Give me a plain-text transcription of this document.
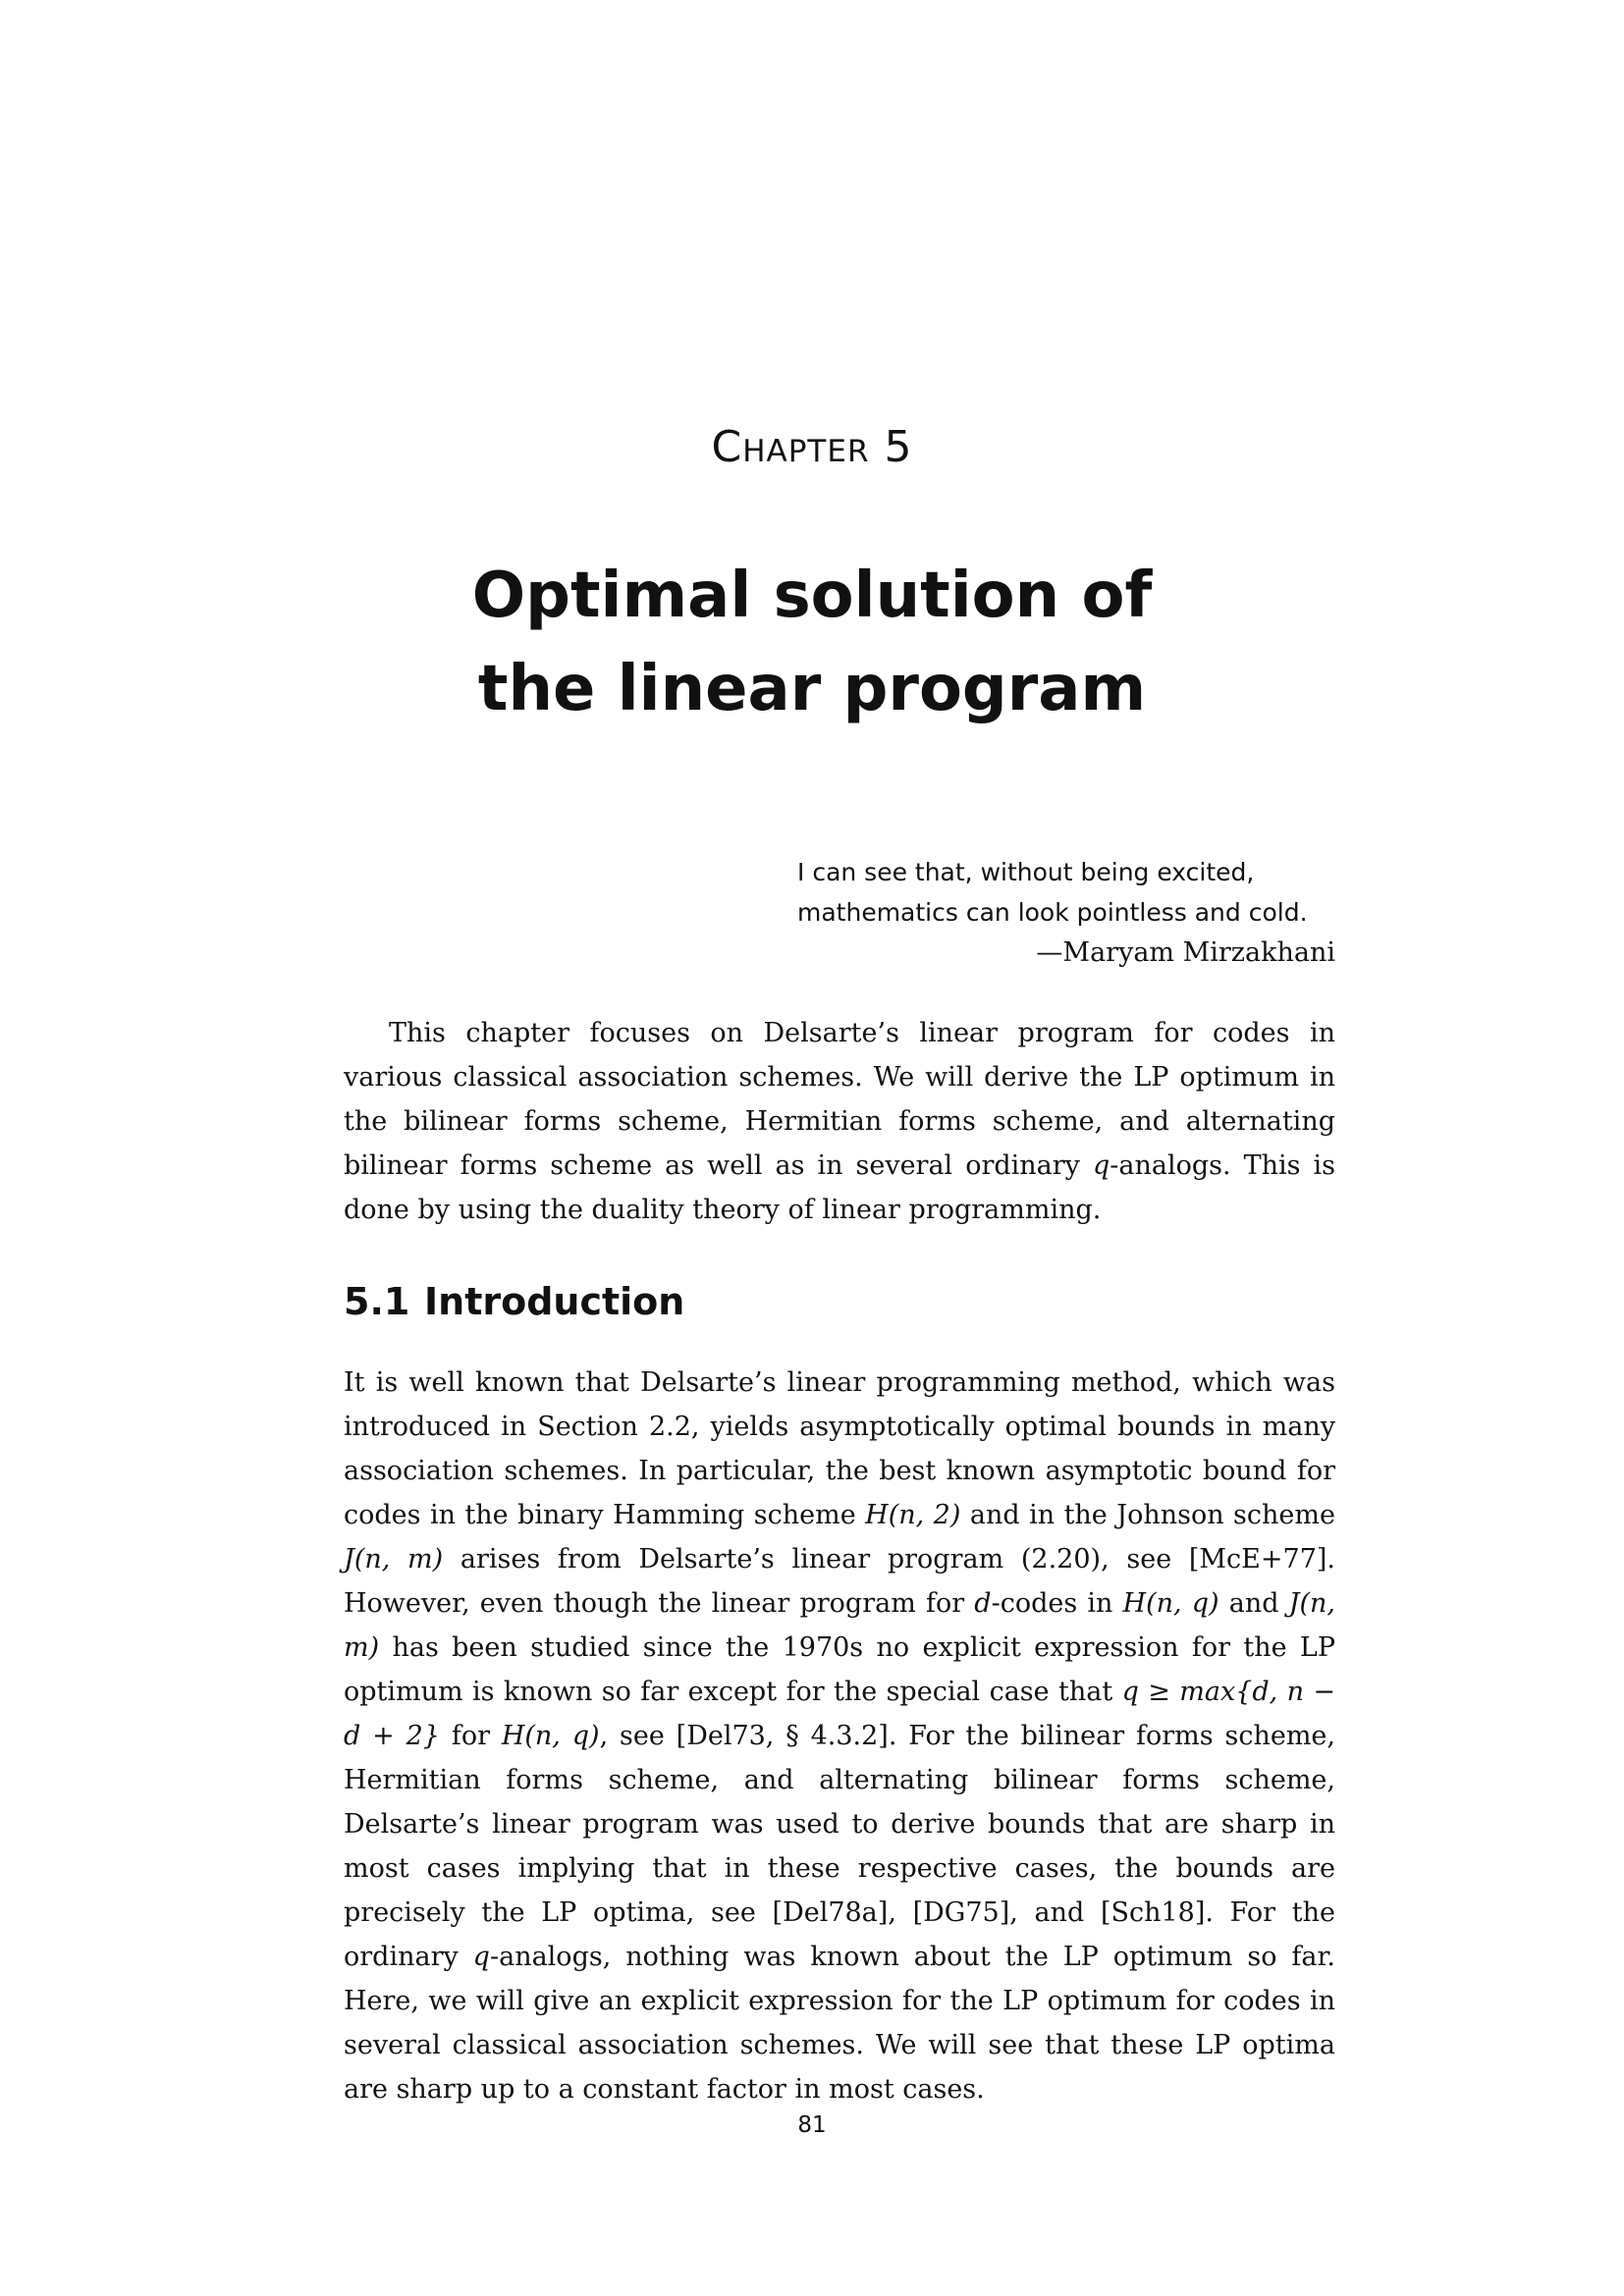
Chapter 5

Optimal solution of
the linear program
I can see that, without being excited,
mathematics can look pointless and cold.
—Maryam Mirzakhani

This chapter focuses on Delsarte’s linear program for codes in various classical association schemes. We will derive the LP optimum in the bilinear forms scheme, Hermitian forms scheme, and alternating bilinear forms scheme as well as in several ordinary q-analogs. This is done by using the duality theory of linear programming.

5.1 Introduction

It is well known that Delsarte’s linear programming method, which was introduced in Section 2.2, yields asymptotically optimal bounds in many association schemes. In particular, the best known asymptotic bound for codes in the binary Hamming scheme H(n, 2) and in the Johnson scheme J(n, m) arises from Delsarte’s linear program (2.20), see [McE+77]. However, even though the linear program for d-codes in H(n, q) and J(n, m) has been studied since the 1970s no explicit expression for the LP optimum is known so far except for the special case that q ≥ max{d, n − d + 2} for H(n, q), see [Del73, § 4.3.2]. For the bilinear forms scheme, Hermitian forms scheme, and alternating bilinear forms scheme, Delsarte’s linear program was used to derive bounds that are sharp in most cases implying that in these respective cases, the bounds are precisely the LP optima, see [Del78a], [DG75], and [Sch18]. For the ordinary q-analogs, nothing was known about the LP optimum so far. Here, we will give an explicit expression for the LP optimum for codes in several classical association schemes. We will see that these LP optima are sharp up to a constant factor in most cases.

81
